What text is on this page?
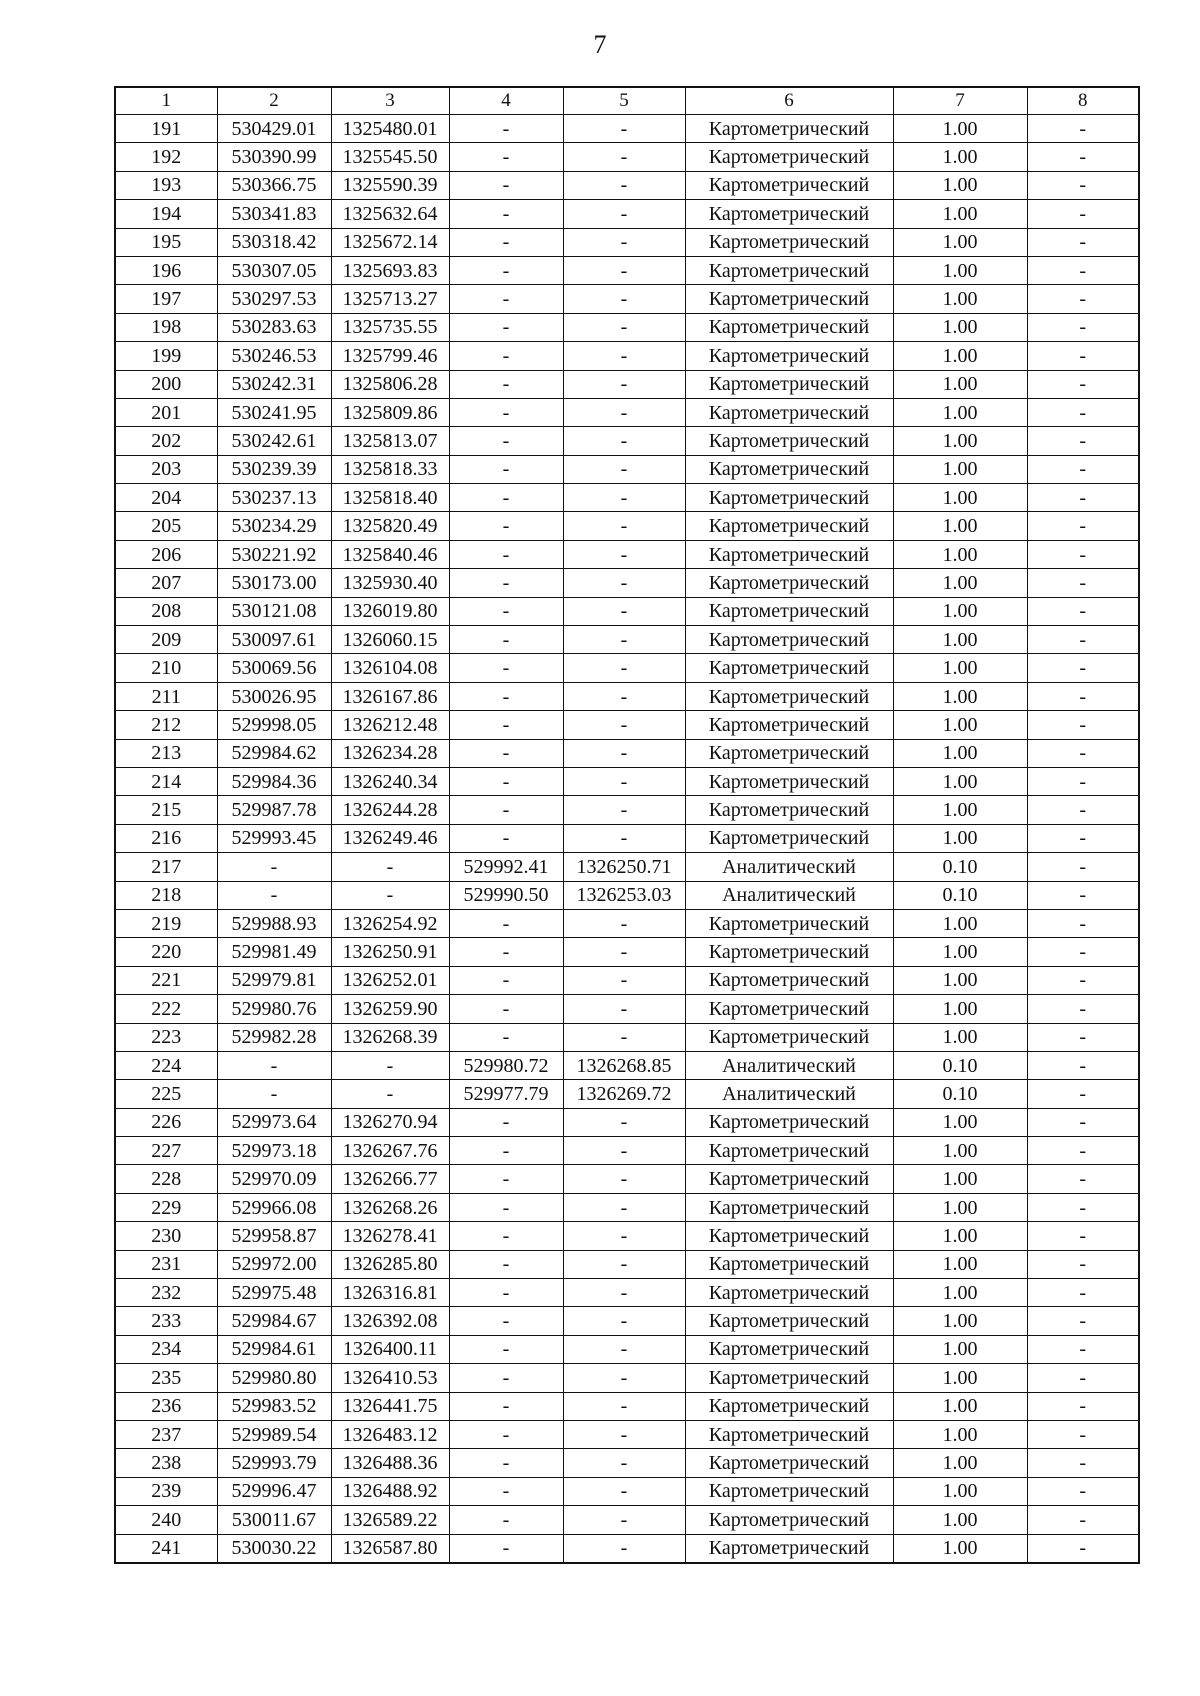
7
1	2	3	4	5	6	7	8
191	530429.01	1325480.01	-	-	Картометрический	1.00	-
192	530390.99	1325545.50	-	-	Картометрический	1.00	-
193	530366.75	1325590.39	-	-	Картометрический	1.00	-
194	530341.83	1325632.64	-	-	Картометрический	1.00	-
195	530318.42	1325672.14	-	-	Картометрический	1.00	-
196	530307.05	1325693.83	-	-	Картометрический	1.00	-
197	530297.53	1325713.27	-	-	Картометрический	1.00	-
198	530283.63	1325735.55	-	-	Картометрический	1.00	-
199	530246.53	1325799.46	-	-	Картометрический	1.00	-
200	530242.31	1325806.28	-	-	Картометрический	1.00	-
201	530241.95	1325809.86	-	-	Картометрический	1.00	-
202	530242.61	1325813.07	-	-	Картометрический	1.00	-
203	530239.39	1325818.33	-	-	Картометрический	1.00	-
204	530237.13	1325818.40	-	-	Картометрический	1.00	-
205	530234.29	1325820.49	-	-	Картометрический	1.00	-
206	530221.92	1325840.46	-	-	Картометрический	1.00	-
207	530173.00	1325930.40	-	-	Картометрический	1.00	-
208	530121.08	1326019.80	-	-	Картометрический	1.00	-
209	530097.61	1326060.15	-	-	Картометрический	1.00	-
210	530069.56	1326104.08	-	-	Картометрический	1.00	-
211	530026.95	1326167.86	-	-	Картометрический	1.00	-
212	529998.05	1326212.48	-	-	Картометрический	1.00	-
213	529984.62	1326234.28	-	-	Картометрический	1.00	-
214	529984.36	1326240.34	-	-	Картометрический	1.00	-
215	529987.78	1326244.28	-	-	Картометрический	1.00	-
216	529993.45	1326249.46	-	-	Картометрический	1.00	-
217	-	-	529992.41	1326250.71	Аналитический	0.10	-
218	-	-	529990.50	1326253.03	Аналитический	0.10	-
219	529988.93	1326254.92	-	-	Картометрический	1.00	-
220	529981.49	1326250.91	-	-	Картометрический	1.00	-
221	529979.81	1326252.01	-	-	Картометрический	1.00	-
222	529980.76	1326259.90	-	-	Картометрический	1.00	-
223	529982.28	1326268.39	-	-	Картометрический	1.00	-
224	-	-	529980.72	1326268.85	Аналитический	0.10	-
225	-	-	529977.79	1326269.72	Аналитический	0.10	-
226	529973.64	1326270.94	-	-	Картометрический	1.00	-
227	529973.18	1326267.76	-	-	Картометрический	1.00	-
228	529970.09	1326266.77	-	-	Картометрический	1.00	-
229	529966.08	1326268.26	-	-	Картометрический	1.00	-
230	529958.87	1326278.41	-	-	Картометрический	1.00	-
231	529972.00	1326285.80	-	-	Картометрический	1.00	-
232	529975.48	1326316.81	-	-	Картометрический	1.00	-
233	529984.67	1326392.08	-	-	Картометрический	1.00	-
234	529984.61	1326400.11	-	-	Картометрический	1.00	-
235	529980.80	1326410.53	-	-	Картометрический	1.00	-
236	529983.52	1326441.75	-	-	Картометрический	1.00	-
237	529989.54	1326483.12	-	-	Картометрический	1.00	-
238	529993.79	1326488.36	-	-	Картометрический	1.00	-
239	529996.47	1326488.92	-	-	Картометрический	1.00	-
240	530011.67	1326589.22	-	-	Картометрический	1.00	-
241	530030.22	1326587.80	-	-	Картометрический	1.00	-
